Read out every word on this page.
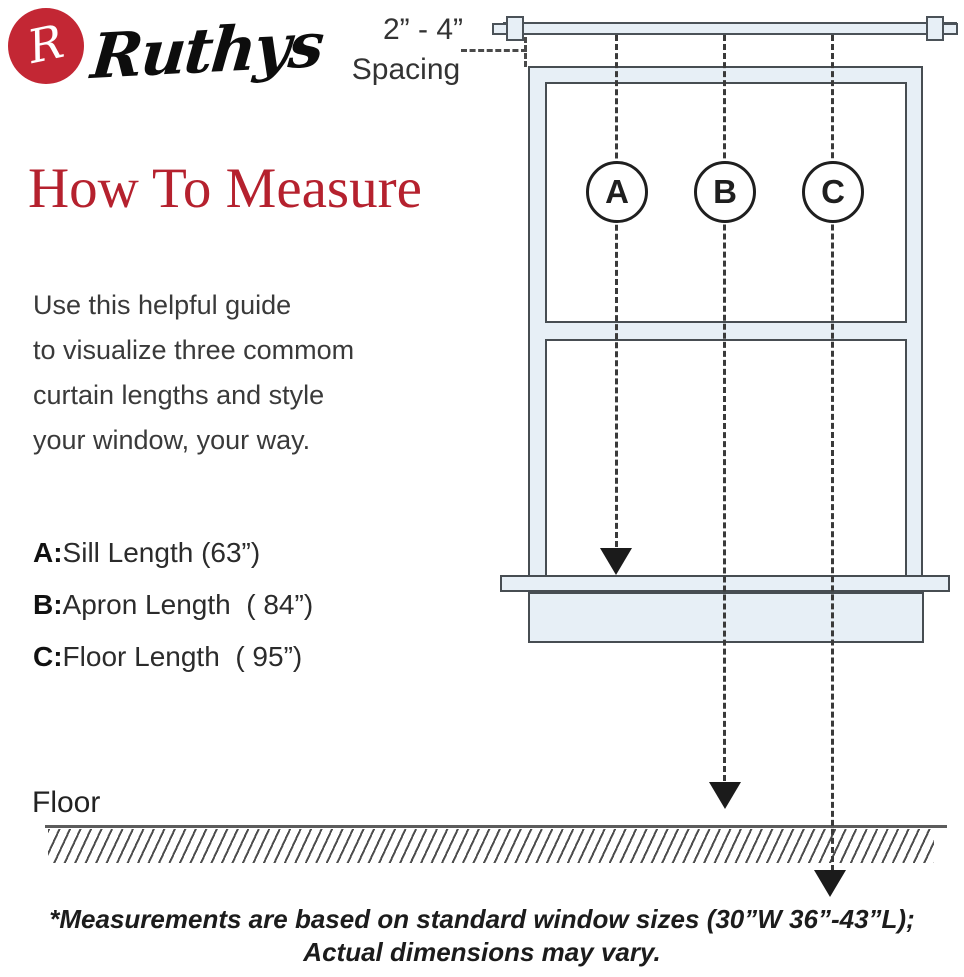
R Ruthys
How To Measure
Use this helpful guide
to visualize three commom
curtain lengths and style
your window, your way.
A:Sill Length (63”)
B:Apron Length  ( 84”)
C:Floor Length  ( 95”)
2” - 4”
Spacing
A	B	C
Floor
*Measurements are based on standard window sizes (30”W 36”-43”L);
Actual dimensions may vary.
